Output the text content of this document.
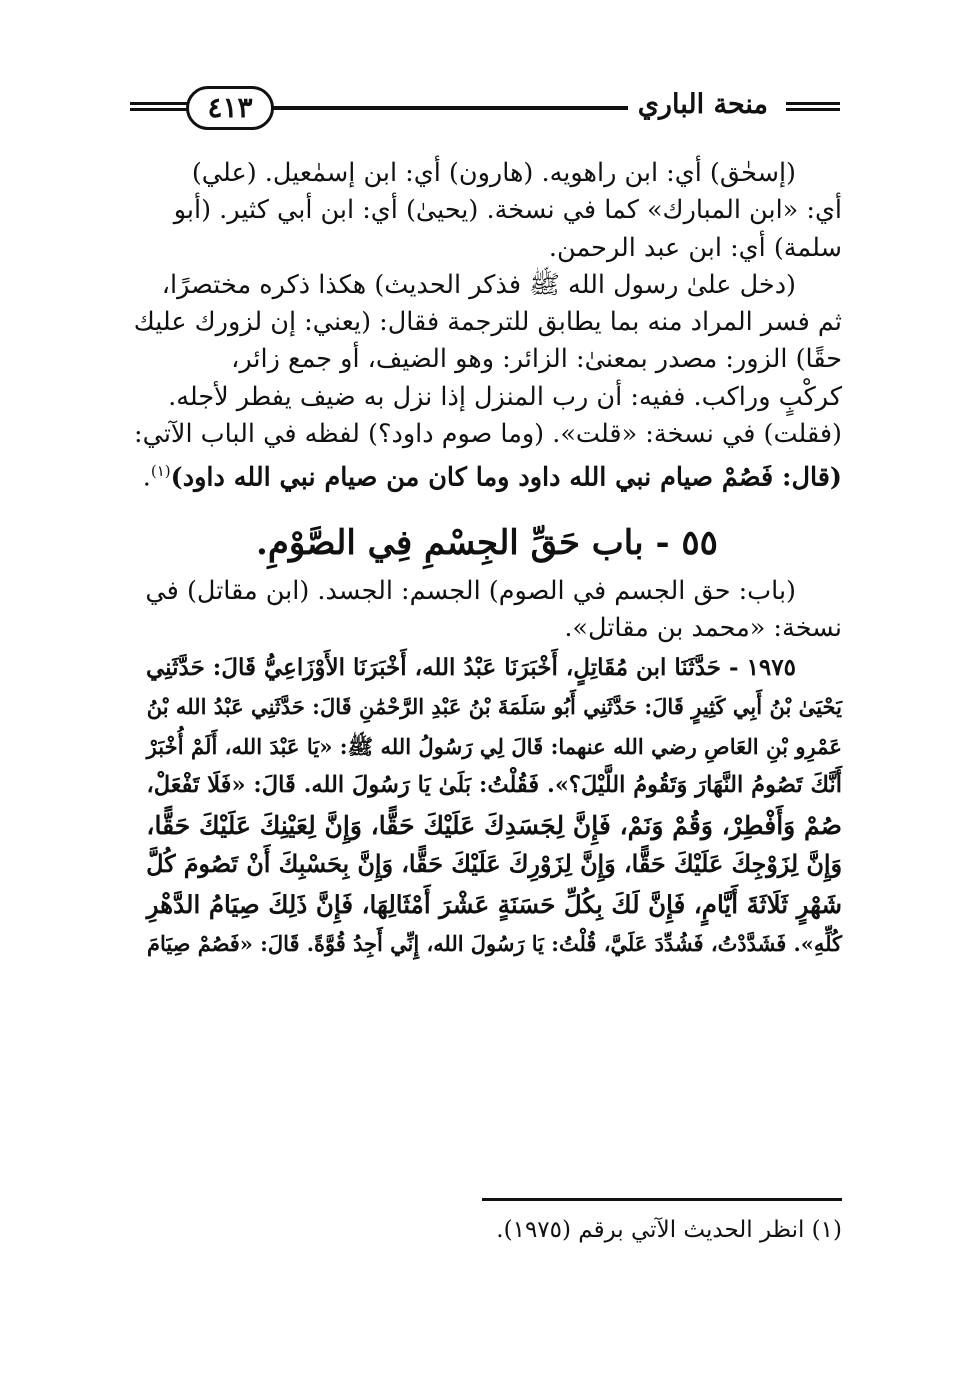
٤١٣	منحة الباري

(إسحٰق) أي: ابن راهويه. (هارون) أي: ابن إسمٰعيل. (علي)
أي: «ابن المبارك» كما في نسخة. (يحيىٰ) أي: ابن أبي كثير. (أبو
سلمة) أي: ابن عبد الرحمن.

(دخل علىٰ رسول الله ﷺ فذكر الحديث) هكذا ذكره مختصرًا،
ثم فسر المراد منه بما يطابق للترجمة فقال: (يعني: إن لزورك عليك
حقًا) الزور: مصدر بمعنىٰ: الزائر: وهو الضيف، أو جمع زائر،
كركْبٍ وراكب. ففيه: أن رب المنزل إذا نزل به ضيف يفطر لأجله.
(فقلت) في نسخة: «قلت». (وما صوم داود؟) لفظه في الباب الآتي:
(قال: فَصُمْ صيام نبي الله داود وما كان من صيام نبي الله داود)$^{(١)}$.

٥٥ - باب حَقِّ الجِسْمِ فِي الصَّوْمِ.

(باب: حق الجسم في الصوم) الجسم: الجسد. (ابن مقاتل) في
نسخة: «محمد بن مقاتل».

١٩٧٥ - حَدَّثَنَا ابن مُقَاتِلٍ، أَخْبَرَنَا عَبْدُ الله، أَخْبَرَنَا الأَوْزَاعِيُّ قَالَ: حَدَّثَنِي
يَحْيَىٰ بْنُ أَبِي كَثِيرٍ قَالَ: حَدَّثَنِي أَبُو سَلَمَةَ بْنُ عَبْدِ الرَّحْمَٰنِ قَالَ: حَدَّثَنِي عَبْدُ الله بْنُ
عَمْرِو بْنِ العَاصِ رضي الله عنهما: قَالَ لِي رَسُولُ الله ﷺ: «يَا عَبْدَ الله، أَلَمْ أُخْبَرْ
أَنَّكَ تَصُومُ النَّهَارَ وَتَقُومُ اللَّيْلَ؟». فَقُلْتُ: بَلَىٰ يَا رَسُولَ الله. قَالَ: «فَلَا تَفْعَلْ،
صُمْ وَأَفْطِرْ، وَقُمْ وَنَمْ، فَإِنَّ لِجَسَدِكَ عَلَيْكَ حَقًّا، وَإِنَّ لِعَيْنِكَ عَلَيْكَ حَقًّا،
وَإِنَّ لِزَوْجِكَ عَلَيْكَ حَقًّا، وَإِنَّ لِزَوْرِكَ عَلَيْكَ حَقًّا، وَإِنَّ بِحَسْبِكَ أَنْ تَصُومَ كُلَّ
شَهْرٍ ثَلَاثَةَ أَيَّامٍ، فَإِنَّ لَكَ بِكُلِّ حَسَنَةٍ عَشْرَ أَمْثَالِهَا، فَإِنَّ ذَلِكَ صِيَامُ الدَّهْرِ
كُلِّهِ». فَشَدَّدْتُ، فَشُدِّدَ عَلَيَّ، قُلْتُ: يَا رَسُولَ الله، إِنِّي أَجِدُ قُوَّةً. قَالَ: «فَصُمْ صِيَامَ

(١) انظر الحديث الآتي برقم (١٩٧٥).
